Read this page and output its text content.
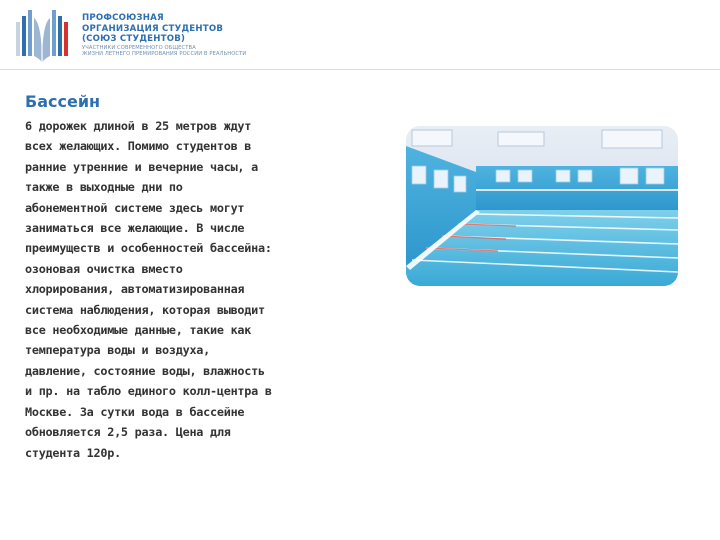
ПРОФСОЮЗНАЯ
ОРГАНИЗАЦИЯ СТУДЕНТОВ
(СОЮЗ СТУДЕНТОВ)
УЧАСТНИКИ СОВРЕМЕННОГО ОБЩЕСТВА
ЖИЗНИ ЛЕТНЕГО ПРЕМИРОВАНИЯ РОССИИ В РЕАЛЬНОСТИ
Бассейн
6 дорожек длиной в 25 метров ждут
всех желающих. Помимо студентов в
ранние утренние и вечерние часы, а
также в выходные дни по
абонементной системе здесь могут
заниматься все желающие. В числе
преимуществ и особенностей бассейна:
озоновая очистка вместо
хлорирования, автоматизированная
система наблюдения, которая выводит
все необходимые данные, такие как
температура воды и воздуха,
давление, состояние воды, влажность
и пр. на табло единого колл-центра в
Москве. За сутки вода в бассейне
обновляется 2,5 раза. Цена для
студента 120р.
